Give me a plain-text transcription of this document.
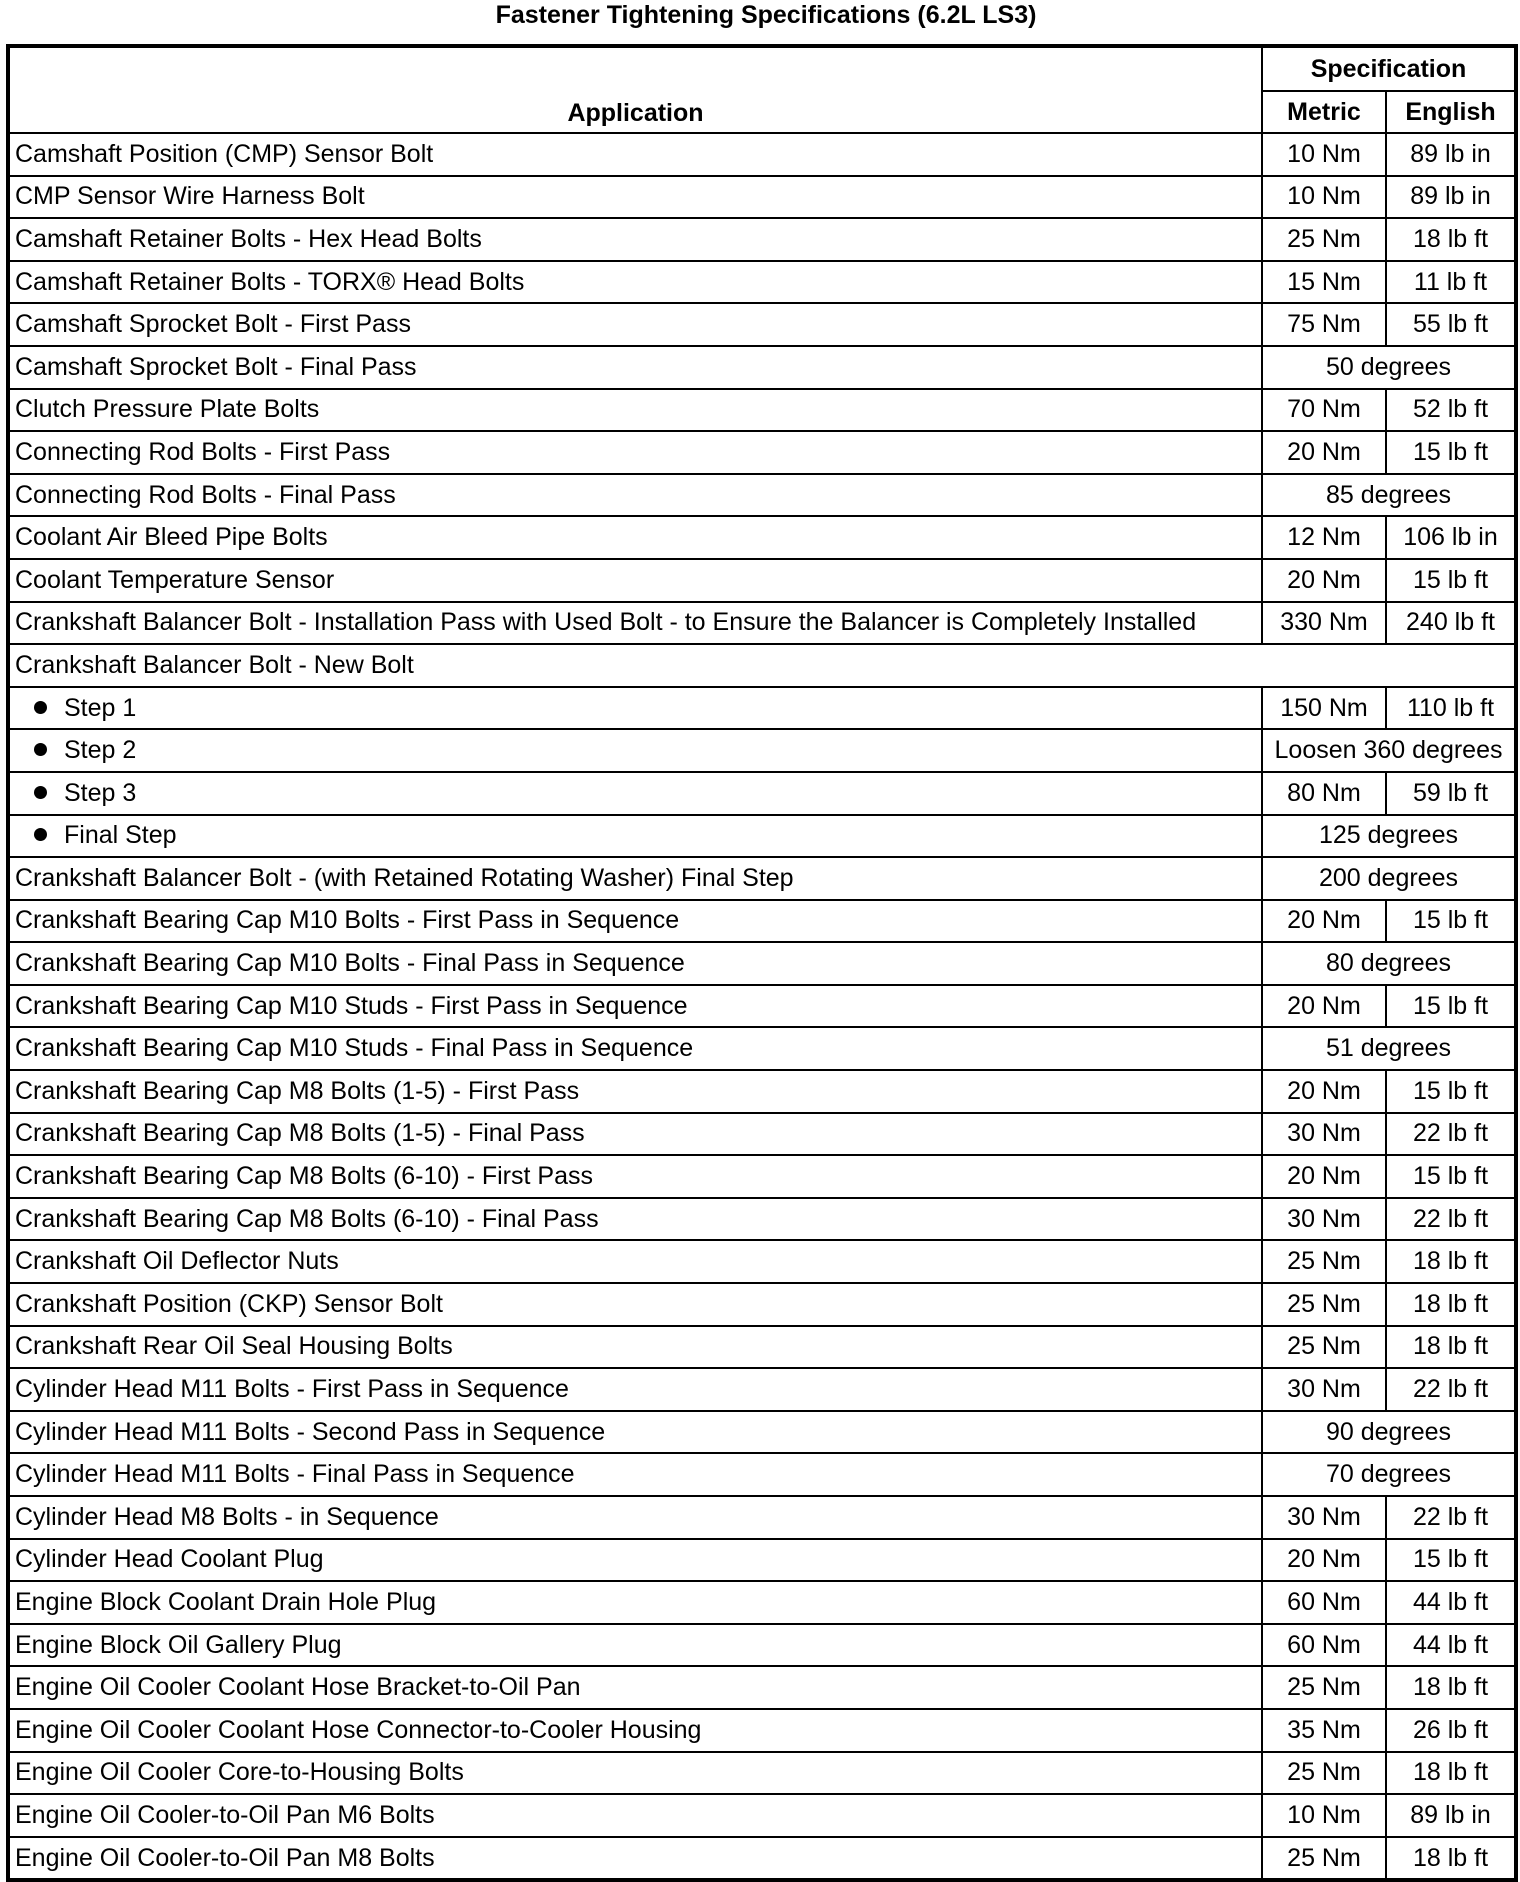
Fastener Tightening Specifications (6.2L LS3)
Application	Specification	
	Metric	English
Camshaft Position (CMP) Sensor Bolt	10 Nm	89 lb in
CMP Sensor Wire Harness Bolt	10 Nm	89 lb in
Camshaft Retainer Bolts - Hex Head Bolts	25 Nm	18 lb ft
Camshaft Retainer Bolts - TORX® Head Bolts	15 Nm	11 lb ft
Camshaft Sprocket Bolt - First Pass	75 Nm	55 lb ft
Camshaft Sprocket Bolt - Final Pass	50 degrees	
Clutch Pressure Plate Bolts	70 Nm	52 lb ft
Connecting Rod Bolts - First Pass	20 Nm	15 lb ft
Connecting Rod Bolts - Final Pass	85 degrees	
Coolant Air Bleed Pipe Bolts	12 Nm	106 lb in
Coolant Temperature Sensor	20 Nm	15 lb ft
Crankshaft Balancer Bolt - Installation Pass with Used Bolt - to Ensure the Balancer is Completely Installed	330 Nm	240 lb ft
Crankshaft Balancer Bolt - New Bolt		
Step 1	150 Nm	110 lb ft
Step 2	Loosen 360 degrees	
Step 3	80 Nm	59 lb ft
Final Step	125 degrees	
Crankshaft Balancer Bolt - (with Retained Rotating Washer) Final Step	200 degrees	
Crankshaft Bearing Cap M10 Bolts - First Pass in Sequence	20 Nm	15 lb ft
Crankshaft Bearing Cap M10 Bolts - Final Pass in Sequence	80 degrees	
Crankshaft Bearing Cap M10 Studs - First Pass in Sequence	20 Nm	15 lb ft
Crankshaft Bearing Cap M10 Studs - Final Pass in Sequence	51 degrees	
Crankshaft Bearing Cap M8 Bolts (1-5) - First Pass	20 Nm	15 lb ft
Crankshaft Bearing Cap M8 Bolts (1-5) - Final Pass	30 Nm	22 lb ft
Crankshaft Bearing Cap M8 Bolts (6-10) - First Pass	20 Nm	15 lb ft
Crankshaft Bearing Cap M8 Bolts (6-10) - Final Pass	30 Nm	22 lb ft
Crankshaft Oil Deflector Nuts	25 Nm	18 lb ft
Crankshaft Position (CKP) Sensor Bolt	25 Nm	18 lb ft
Crankshaft Rear Oil Seal Housing Bolts	25 Nm	18 lb ft
Cylinder Head M11 Bolts - First Pass in Sequence	30 Nm	22 lb ft
Cylinder Head M11 Bolts - Second Pass in Sequence	90 degrees	
Cylinder Head M11 Bolts - Final Pass in Sequence	70 degrees	
Cylinder Head M8 Bolts - in Sequence	30 Nm	22 lb ft
Cylinder Head Coolant Plug	20 Nm	15 lb ft
Engine Block Coolant Drain Hole Plug	60 Nm	44 lb ft
Engine Block Oil Gallery Plug	60 Nm	44 lb ft
Engine Oil Cooler Coolant Hose Bracket-to-Oil Pan	25 Nm	18 lb ft
Engine Oil Cooler Coolant Hose Connector-to-Cooler Housing	35 Nm	26 lb ft
Engine Oil Cooler Core-to-Housing Bolts	25 Nm	18 lb ft
Engine Oil Cooler-to-Oil Pan M6 Bolts	10 Nm	89 lb in
Engine Oil Cooler-to-Oil Pan M8 Bolts	25 Nm	18 lb ft
